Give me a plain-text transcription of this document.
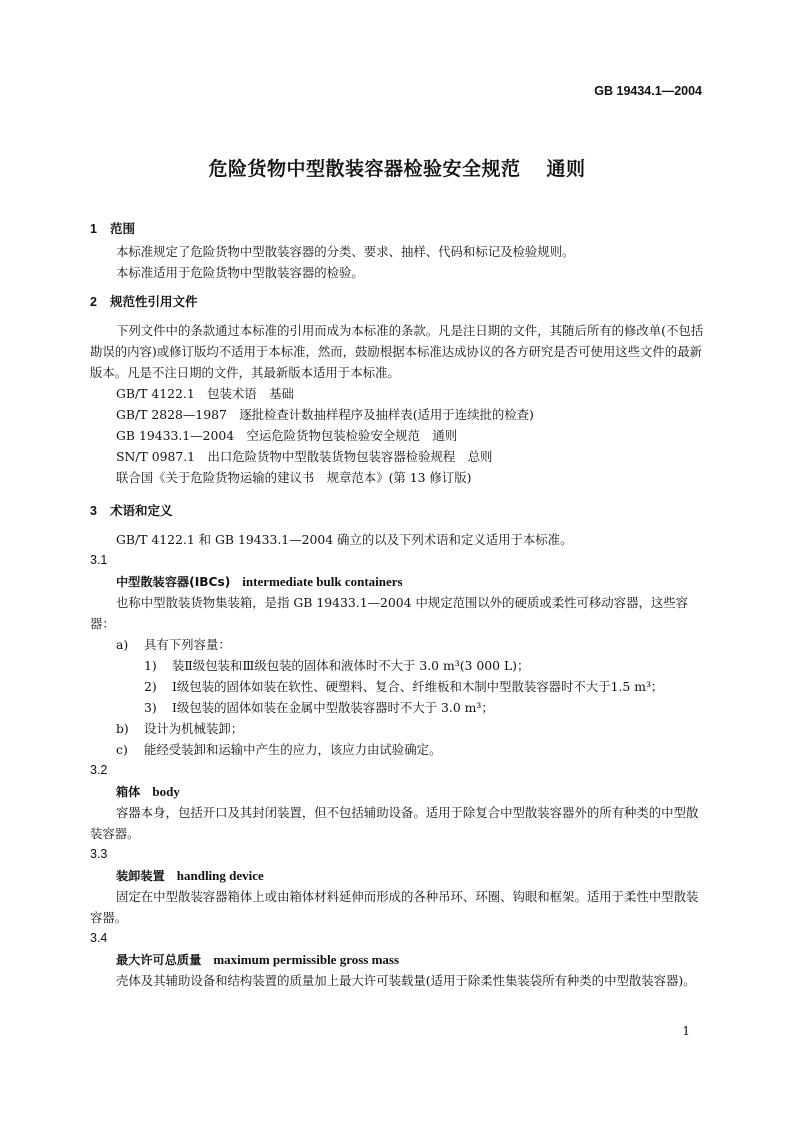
GB 19434.1—2004
危险货物中型散装容器检验安全规范 通则
1 范围
本标准规定了危险货物中型散装容器的分类、要求、抽样、代码和标记及检验规则。
本标准适用于危险货物中型散装容器的检验。
2 规范性引用文件
下列文件中的条款通过本标准的引用而成为本标准的条款。凡是注日期的文件，其随后所有的修改单(不包括勘误的内容)或修订版均不适用于本标准，然而，鼓励根据本标准达成协议的各方研究是否可使用这些文件的最新版本。凡是不注日期的文件，其最新版本适用于本标准。
GB/T 4122.1　包装术语　基础
GB/T 2828—1987　逐批检查计数抽样程序及抽样表(适用于连续批的检查)
GB 19433.1—2004　空运危险货物包装检验安全规范　通则
SN/T 0987.1　出口危险货物中型散装货物包装容器检验规程　总则
联合国《关于危险货物运输的建议书　规章范本》(第 13 修订版)
3 术语和定义
GB/T 4122.1 和 GB 19433.1—2004 确立的以及下列术语和定义适用于本标准。
3.1
中型散装容器(IBCs) intermediate bulk containers
也称中型散装货物集装箱，是指 GB 19433.1—2004 中规定范围以外的硬质或柔性可移动容器，这些容器：
a) 具有下列容量：
1) 装Ⅱ级包装和Ⅲ级包装的固体和液体时不大于 3.0 m³(3 000 L)；
2) Ⅰ级包装的固体如装在软性、硬塑料、复合、纤维板和木制中型散装容器时不大于1.5 m³；
3) Ⅰ级包装的固体如装在金属中型散装容器时不大于 3.0 m³；
b) 设计为机械装卸；
c) 能经受装卸和运输中产生的应力，该应力由试验确定。
3.2
箱体 body
容器本身，包括开口及其封闭装置，但不包括辅助设备。适用于除复合中型散装容器外的所有种类的中型散装容器。
3.3
装卸装置 handling device
固定在中型散装容器箱体上或由箱体材料延伸而形成的各种吊环、环圈、钩眼和框架。适用于柔性中型散装容器。
3.4
最大许可总质量 maximum permissible gross mass
壳体及其辅助设备和结构装置的质量加上最大许可装载量(适用于除柔性集装袋所有种类的中型散装容器)。
1
